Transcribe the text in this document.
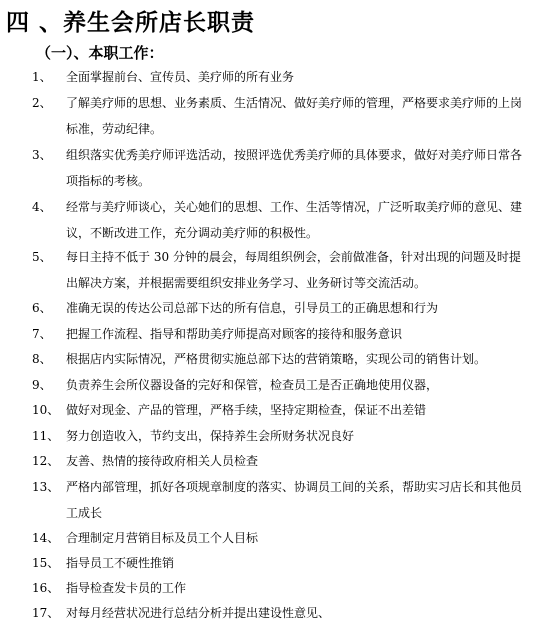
四 、养生会所店长职责
（一）、本职工作：
1、 全面掌握前台、宣传员、美疗师的所有业务
2、 了解美疗师的思想、业务素质、生活情况、做好美疗师的管理，严格要求美疗师的上岗标准，劳动纪律。
3、 组织落实优秀美疗师评选活动，按照评选优秀美疗师的具体要求，做好对美疗师日常各项指标的考核。
4、 经常与美疗师谈心，关心她们的思想、工作、生活等情况，广泛听取美疗师的意见、建议，不断改进工作，充分调动美疗师的积极性。
5、 每日主持不低于 30 分钟的晨会，每周组织例会，会前做准备，针对出现的问题及时提出解决方案，并根据需要组织安排业务学习、业务研讨等交流活动。
6、 准确无误的传达公司总部下达的所有信息，引导员工的正确思想和行为
7、 把握工作流程、指导和帮助美疗师提高对顾客的接待和服务意识
8、 根据店内实际情况，严格贯彻实施总部下达的营销策略，实现公司的销售计划。
9、 负责养生会所仪器设备的完好和保管，检查员工是否正确地使用仪器，
10、 做好对现金、产品的管理，严格手续，坚持定期检查，保证不出差错
11、 努力创造收入，节约支出，保持养生会所财务状况良好
12、 友善、热情的接待政府相关人员检查
13、 严格内部管理，抓好各项规章制度的落实、协调员工间的关系，帮助实习店长和其他员工成长
14、 合理制定月营销目标及员工个人目标
15、 指导员工不硬性推销
16、 指导检查发卡员的工作
17、 对每月经营状况进行总结分析并提出建设性意见、
